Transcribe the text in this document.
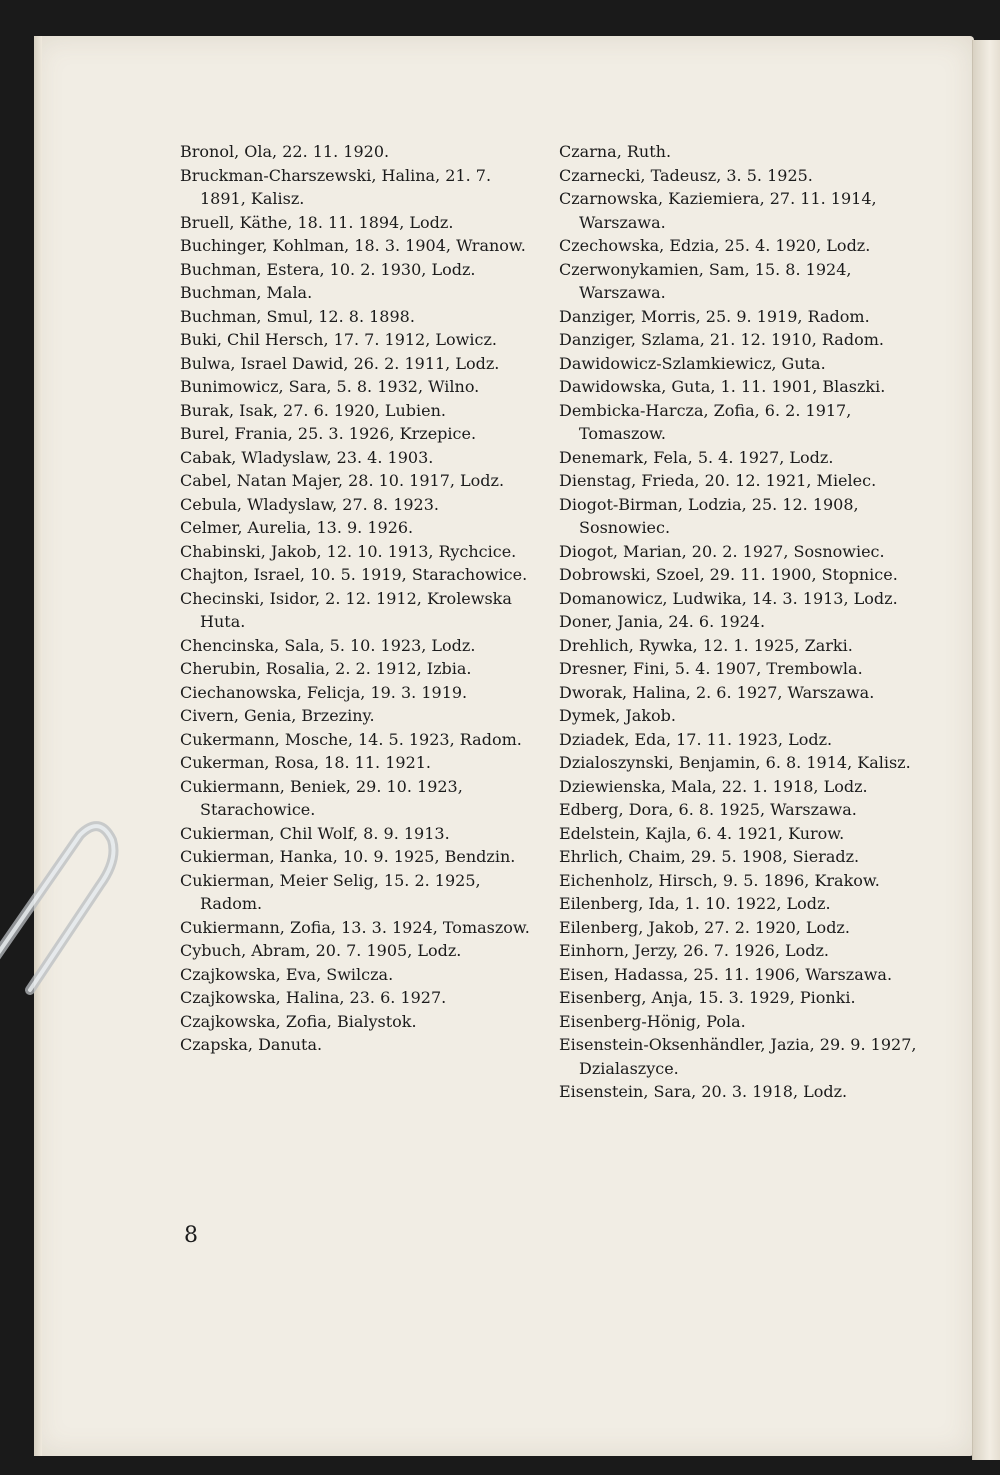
Bronol, Ola, 22. 11. 1920.

Bruckman-Charszewski, Halina, 21. 7. 1891, Kalisz.

Bruell, Käthe, 18. 11. 1894, Lodz.

Buchinger, Kohlman, 18. 3. 1904, Wranow.

Buchman, Estera, 10. 2. 1930, Lodz.

Buchman, Mala.

Buchman, Smul, 12. 8. 1898.

Buki, Chil Hersch, 17. 7. 1912, Lowicz.

Bulwa, Israel Dawid, 26. 2. 1911, Lodz.

Bunimowicz, Sara, 5. 8. 1932, Wilno.

Burak, Isak, 27. 6. 1920, Lubien.

Burel, Frania, 25. 3. 1926, Krzepice.

Cabak, Wladyslaw, 23. 4. 1903.

Cabel, Natan Majer, 28. 10. 1917, Lodz.

Cebula, Wladyslaw, 27. 8. 1923.

Celmer, Aurelia, 13. 9. 1926.

Chabinski, Jakob, 12. 10. 1913, Rychcice.

Chajton, Israel, 10. 5. 1919, Starachowice.

Checinski, Isidor, 2. 12. 1912, Krolewska Huta.

Chencinska, Sala, 5. 10. 1923, Lodz.

Cherubin, Rosalia, 2. 2. 1912, Izbia.

Ciechanowska, Felicja, 19. 3. 1919.

Civern, Genia, Brzeziny.

Cukermann, Mosche, 14. 5. 1923, Radom.

Cukerman, Rosa, 18. 11. 1921.

Cukiermann, Beniek, 29. 10. 1923, Starachowice.

Cukierman, Chil Wolf, 8. 9. 1913.

Cukierman, Hanka, 10. 9. 1925, Bendzin.

Cukierman, Meier Selig, 15. 2. 1925, Radom.

Cukiermann, Zofia, 13. 3. 1924, Tomaszow.

Cybuch, Abram, 20. 7. 1905, Lodz.

Czajkowska, Eva, Swilcza.

Czajkowska, Halina, 23. 6. 1927.

Czajkowska, Zofia, Bialystok.

Czapska, Danuta.

Czarna, Ruth.

Czarnecki, Tadeusz, 3. 5. 1925.

Czarnowska, Kaziemiera, 27. 11. 1914, Warszawa.

Czechowska, Edzia, 25. 4. 1920, Lodz.

Czerwonykamien, Sam, 15. 8. 1924, Warszawa.

Danziger, Morris, 25. 9. 1919, Radom.

Danziger, Szlama, 21. 12. 1910, Radom.

Dawidowicz-Szlamkiewicz, Guta.

Dawidowska, Guta, 1. 11. 1901, Blaszki.

Dembicka-Harcza, Zofia, 6. 2. 1917, Tomaszow.

Denemark, Fela, 5. 4. 1927, Lodz.

Dienstag, Frieda, 20. 12. 1921, Mielec.

Diogot-Birman, Lodzia, 25. 12. 1908, Sosnowiec.

Diogot, Marian, 20. 2. 1927, Sosnowiec.

Dobrowski, Szoel, 29. 11. 1900, Stopnice.

Domanowicz, Ludwika, 14. 3. 1913, Lodz.

Doner, Jania, 24. 6. 1924.

Drehlich, Rywka, 12. 1. 1925, Zarki.

Dresner, Fini, 5. 4. 1907, Trembowla.

Dworak, Halina, 2. 6. 1927, Warszawa.

Dymek, Jakob.

Dziadek, Eda, 17. 11. 1923, Lodz.

Dzialoszynski, Benjamin, 6. 8. 1914, Kalisz.

Dziewienska, Mala, 22. 1. 1918, Lodz.

Edberg, Dora, 6. 8. 1925, Warszawa.

Edelstein, Kajla, 6. 4. 1921, Kurow.

Ehrlich, Chaim, 29. 5. 1908, Sieradz.

Eichenholz, Hirsch, 9. 5. 1896, Krakow.

Eilenberg, Ida, 1. 10. 1922, Lodz.

Eilenberg, Jakob, 27. 2. 1920, Lodz.

Einhorn, Jerzy, 26. 7. 1926, Lodz.

Eisen, Hadassa, 25. 11. 1906, Warszawa.

Eisenberg, Anja, 15. 3. 1929, Pionki.

Eisenberg-Hönig, Pola.

Eisenstein-Oksenhändler, Jazia, 29. 9. 1927, Dzialaszyce.

Eisenstein, Sara, 20. 3. 1918, Lodz.

8
